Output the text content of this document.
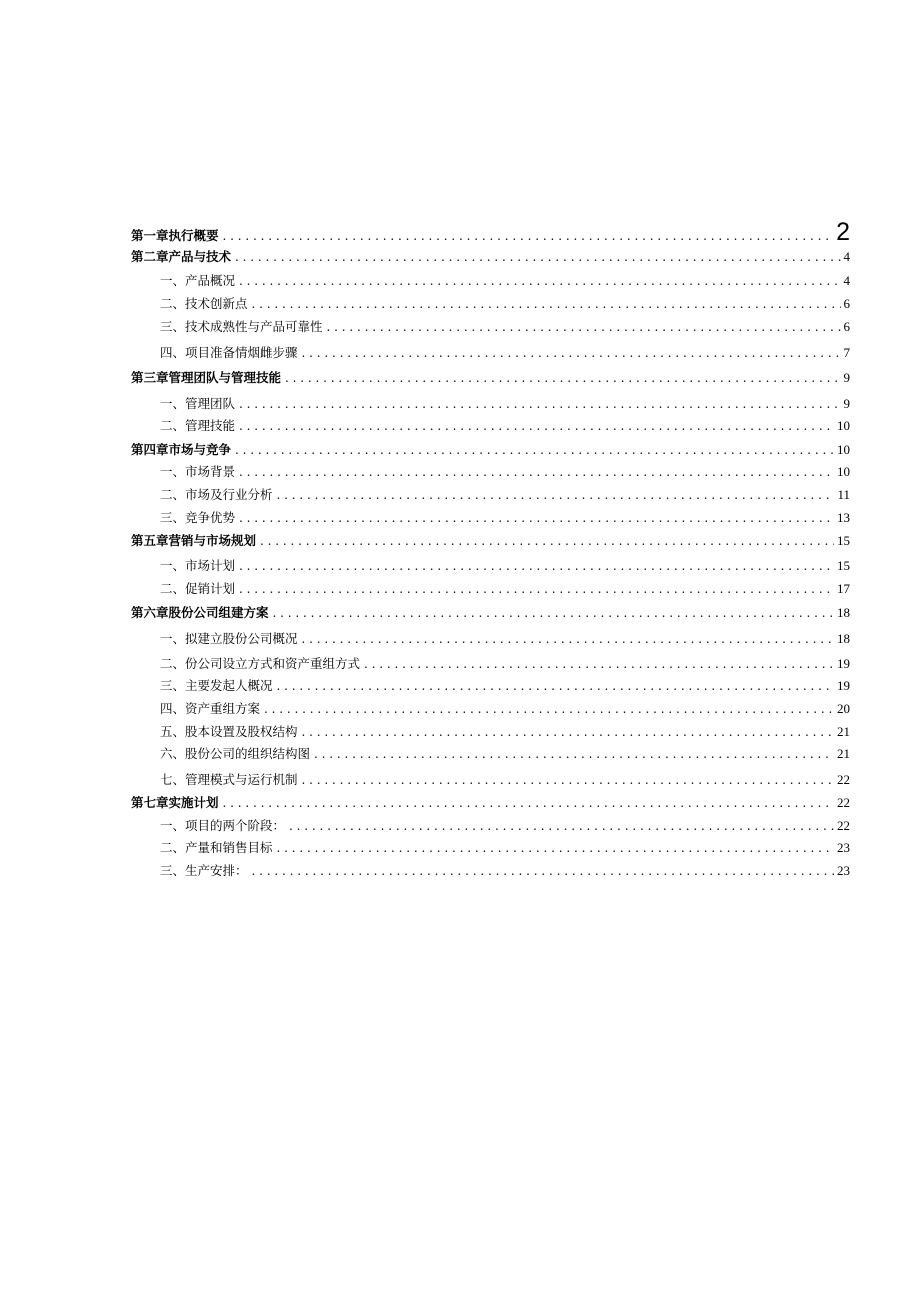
第一章执行概要 . . .	2
第二章产品与技术 . . .	4
一、产品概况 . . .	4
二、技术创新点 . . .	6
三、技术成熟性与产品可靠性 . . .	6
四、项目准备情烟雌步骤 . . .	7
第三章管理团队与管理技能 . . .	9
一、管理团队 . . .	9
二、管理技能 . . .	10
第四章市场与竞争 . . .	10
一、市场背景 . . .	10
二、市场及行业分析 . . .	11
三、竞争优势 . . .	13
第五章营销与市场规划 . . .	15
一、市场计划 . . .	15
二、促销计划 . . .	17
第六章股份公司组建方案 . . .	18
一、拟建立股份公司概况 . . .	18
二、份公司设立方式和资产重组方式 . . .	19
三、主要发起人概况 . . .	19
四、资产重组方案 . . .	20
五、股本设置及股权结构 . . .	21
六、股份公司的组织结构图 . . .	21
七、管理模式与运行机制 . . .	22
第七章实施计划 . . .	22
一、项目的两个阶段： . . .	22
二、产量和销售目标 . . .	23
三、生产安排： . . .	23
